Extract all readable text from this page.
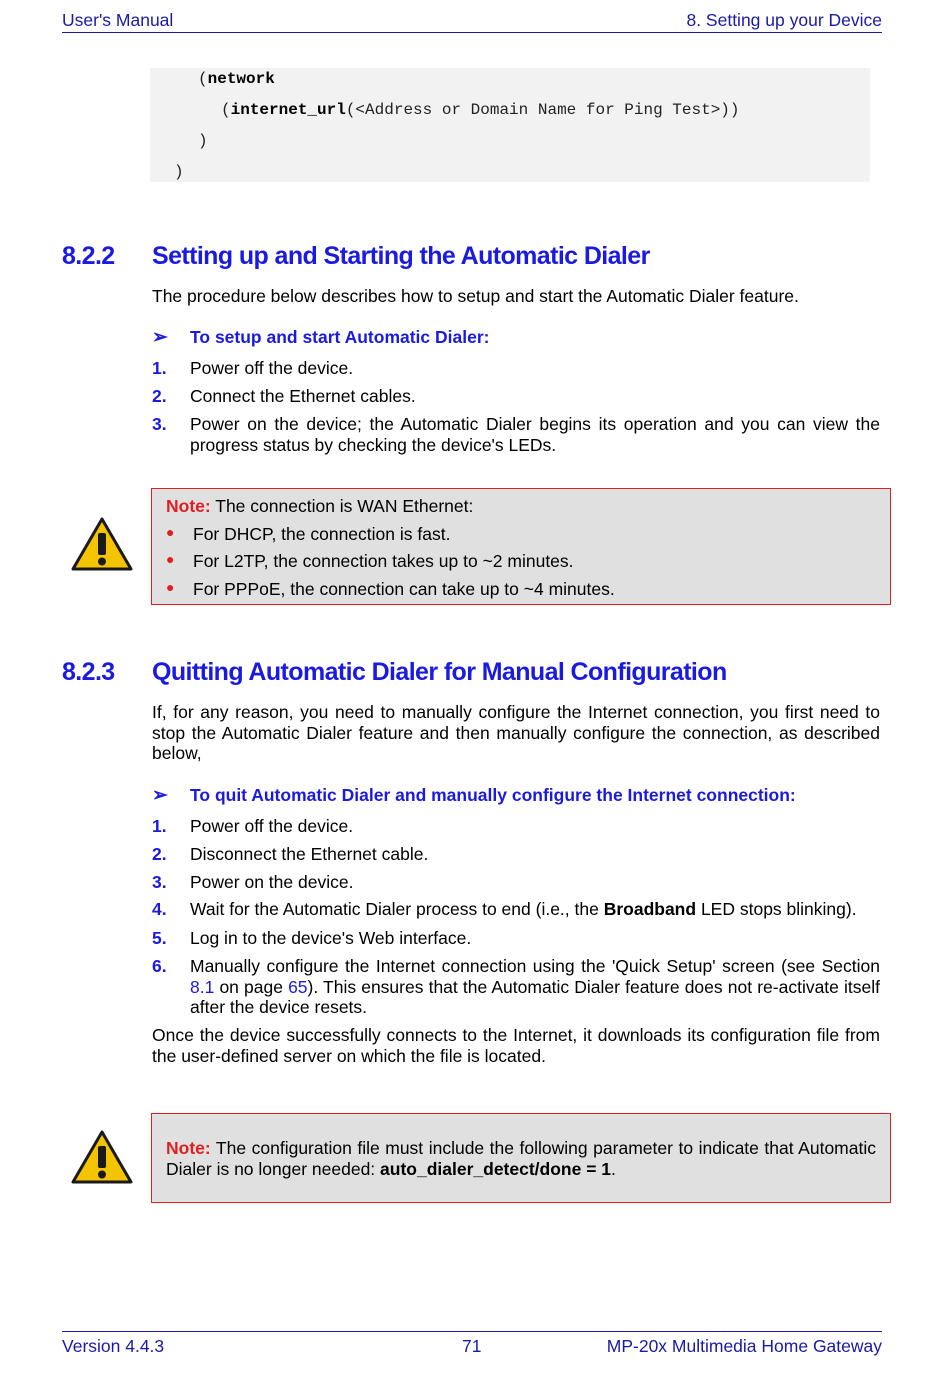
User's Manual	8. Setting up your Device
(network
(internet_url(<Address or Domain Name for Ping Test>))
)
)
8.2.2 Setting up and Starting the Automatic Dialer
The procedure below describes how to setup and start the Automatic Dialer feature.
➢ To setup and start Automatic Dialer:
1. Power off the device.
2. Connect the Ethernet cables.
3. Power on the device; the Automatic Dialer begins its operation and you can view the progress status by checking the device's LEDs.
Note: The connection is WAN Ethernet:
● For DHCP, the connection is fast.
● For L2TP, the connection takes up to ~2 minutes.
● For PPPoE, the connection can take up to ~4 minutes.
8.2.3 Quitting Automatic Dialer for Manual Configuration
If, for any reason, you need to manually configure the Internet connection, you first need to stop the Automatic Dialer feature and then manually configure the connection, as described below,
➢ To quit Automatic Dialer and manually configure the Internet connection:
1. Power off the device.
2. Disconnect the Ethernet cable.
3. Power on the device.
4. Wait for the Automatic Dialer process to end (i.e., the Broadband LED stops blinking).
5. Log in to the device's Web interface.
6. Manually configure the Internet connection using the 'Quick Setup' screen (see Section 8.1 on page 65). This ensures that the Automatic Dialer feature does not re-activate itself after the device resets.
Once the device successfully connects to the Internet, it downloads its configuration file from the user-defined server on which the file is located.
Note: The configuration file must include the following parameter to indicate that Automatic Dialer is no longer needed: auto_dialer_detect/done = 1.
Version 4.4.3	71	MP-20x Multimedia Home Gateway
